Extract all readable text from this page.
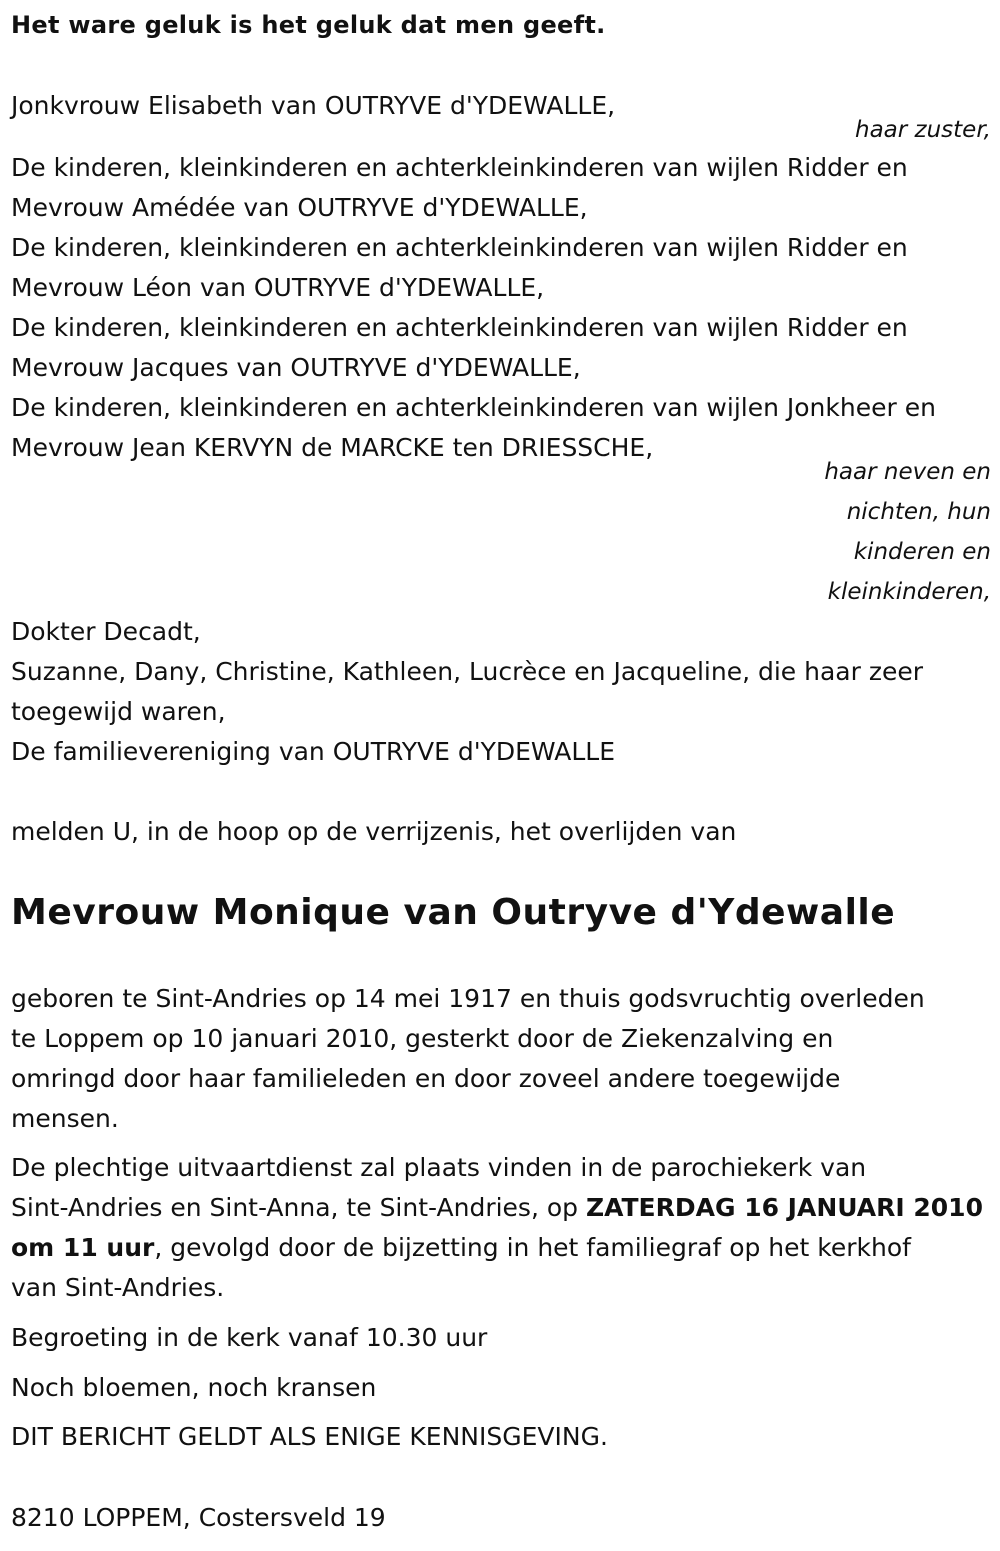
Het ware geluk is het geluk dat men geeft.
Jonkvrouw Elisabeth van OUTRYVE d'YDEWALLE,
haar zuster,
De kinderen, kleinkinderen en achterkleinkinderen van wijlen Ridder en
Mevrouw Amédée van OUTRYVE d'YDEWALLE,
De kinderen, kleinkinderen en achterkleinkinderen van wijlen Ridder en
Mevrouw Léon van OUTRYVE d'YDEWALLE,
De kinderen, kleinkinderen en achterkleinkinderen van wijlen Ridder en
Mevrouw Jacques van OUTRYVE d'YDEWALLE,
De kinderen, kleinkinderen en achterkleinkinderen van wijlen Jonkheer en
Mevrouw Jean KERVYN de MARCKE ten DRIESSCHE,
haar neven en
nichten, hun
kinderen en
kleinkinderen,
Dokter Decadt,
Suzanne, Dany, Christine, Kathleen, Lucrèce en Jacqueline, die haar zeer
toegewijd waren,
De familievereniging van OUTRYVE d'YDEWALLE
melden U, in de hoop op de verrijzenis, het overlijden van
Mevrouw Monique van Outryve d'Ydewalle
geboren te Sint-Andries op 14 mei 1917 en thuis godsvruchtig overleden
te Loppem op 10 januari 2010, gesterkt door de Ziekenzalving en
omringd door haar familieleden en door zoveel andere toegewijde
mensen.
De plechtige uitvaartdienst zal plaats vinden in de parochiekerk van
Sint-Andries en Sint-Anna, te Sint-Andries, op ZATERDAG 16 JANUARI 2010
om 11 uur, gevolgd door de bijzetting in het familiegraf op het kerkhof
van Sint-Andries.
Begroeting in de kerk vanaf 10.30 uur
Noch bloemen, noch kransen
DIT BERICHT GELDT ALS ENIGE KENNISGEVING.
8210 LOPPEM, Costersveld 19
